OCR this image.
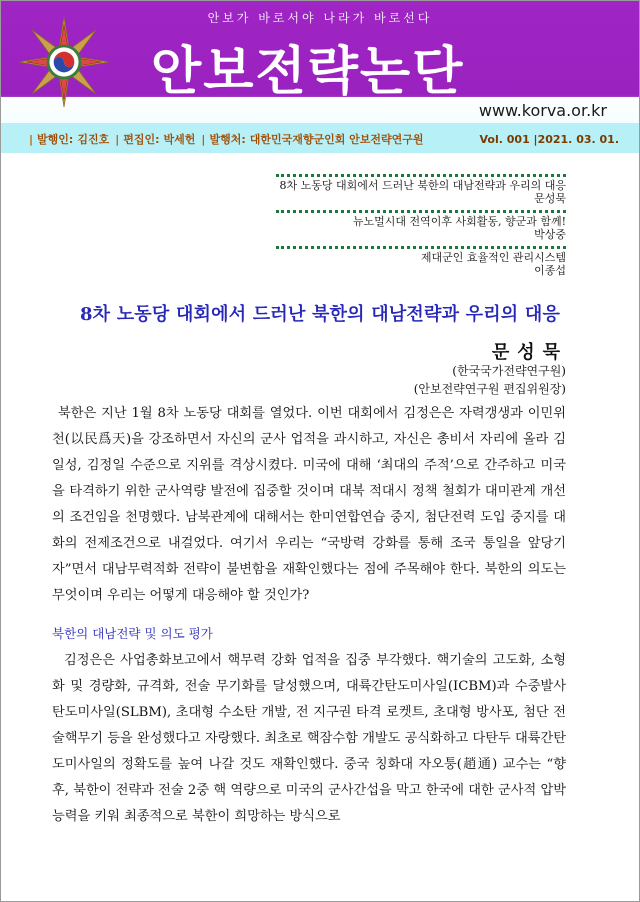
안보가 바로서야 나라가 바로선다
안보전략논단
www.korva.or.kr
| 발행인: 김진호 | 편집인: 박세헌 | 발행처: 대한민국재향군인회 안보전략연구원	Vol. 001 |2021. 03. 01.
8차 노동당 대회에서 드러난 북한의 대남전략과 우리의 대응
문성묵
뉴노멀시대 전역이후 사회활동, 향군과 함께!
박상중
제대군인 효율적인 관리시스템
이종섭
8차 노동당 대회에서 드러난 북한의 대남전략과 우리의 대응
문성묵
(한국국가전략연구원)
(안보전략연구원 편집위원장)
북한은 지난 1월 8차 노동당 대회를 열었다. 이번 대회에서 김정은은 자력갱생과 이민위천(以民爲天)을 강조하면서 자신의 군사 업적을 과시하고, 자신은 총비서 자리에 올라 김일성, 김정일 수준으로 지위를 격상시켰다. 미국에 대해 ‘최대의 주적’으로 간주하고 미국을 타격하기 위한 군사역량 발전에 집중할 것이며 대북 적대시 정책 철회가 대미관계 개선의 조건임을 천명했다. 남북관계에 대해서는 한미연합연습 중지, 첨단전력 도입 중지를 대화의 전제조건으로 내걸었다. 여기서 우리는 “국방력 강화를 통해 조국 통일을 앞당기자”면서 대남무력적화 전략이 불변함을 재확인했다는 점에 주목해야 한다. 북한의 의도는 무엇이며 우리는 어떻게 대응해야 할 것인가?
북한의 대남전략 및 의도 평가
김정은은 사업총화보고에서 핵무력 강화 업적을 집중 부각했다. 핵기술의 고도화, 소형화 및 경량화, 규격화, 전술 무기화를 달성했으며, 대륙간탄도미사일(ICBM)과 수중발사 탄도미사일(SLBM), 초대형 수소탄 개발, 전 지구권 타격 로켓트, 초대형 방사포, 첨단 전술핵무기 등을 완성했다고 자랑했다. 최초로 핵잠수함 개발도 공식화하고 다탄두 대륙간탄도미사일의 정확도를 높여 나갈 것도 재확인했다. 중국 칭화대 자오퉁(趙通) 교수는 “향후, 북한이 전략과 전술 2중 핵 역량으로 미국의 군사간섭을 막고 한국에 대한 군사적 압박 능력을 키워 최종적으로 북한이 희망하는 방식으로
